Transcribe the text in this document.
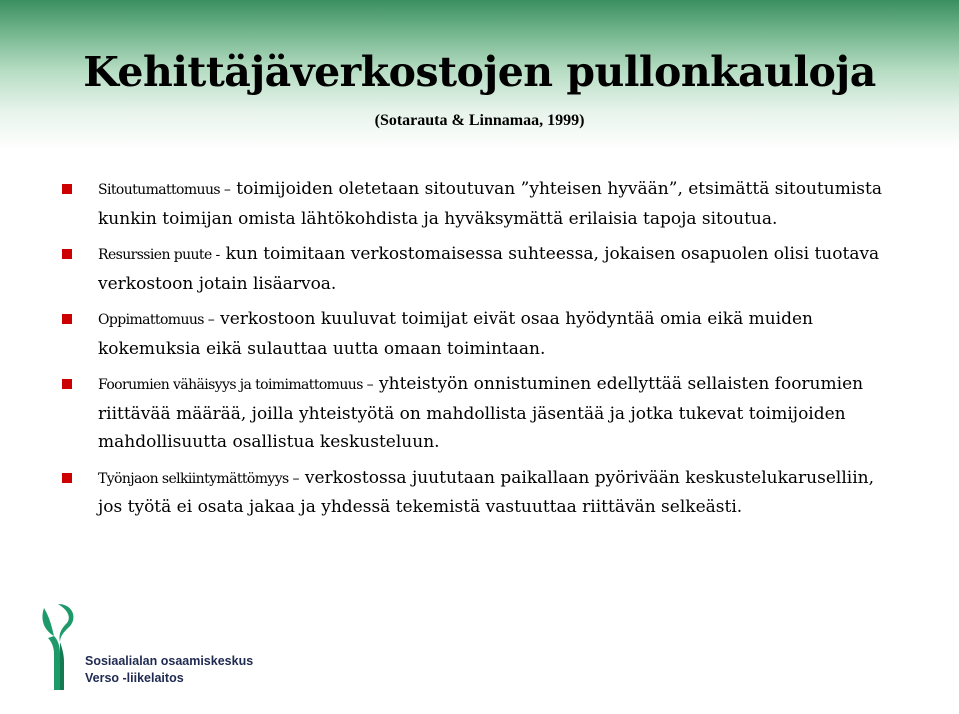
Kehittäjäverkostojen pullonkauloja

(Sotarauta & Linnamaa, 1999)

Sitoutumattomuus – toimijoiden oletetaan sitoutuvan ”yhteisen hyvään”, etsimättä sitoutumista kunkin toimijan omista lähtökohdista ja hyväksymättä erilaisia tapoja sitoutua.
Resurssien puute - kun toimitaan verkostomaisessa suhteessa, jokaisen osapuolen olisi tuotava verkostoon jotain lisäarvoa.
Oppimattomuus – verkostoon kuuluvat toimijat eivät osaa hyödyntää omia eikä muiden kokemuksia eikä sulauttaa uutta omaan toimintaan.
Foorumien vähäisyys ja toimimattomuus – yhteistyön onnistuminen edellyttää sellaisten foorumien riittävää määrää, joilla yhteistyötä on mahdollista jäsentää ja jotka tukevat toimijoiden mahdollisuutta osallistua keskusteluun.
Työnjaon selkiintymättömyys – verkostossa juututaan paikallaan pyörivään keskustelukaruselliin, jos työtä ei osata jakaa ja yhdessä tekemistä vastuuttaa riittävän selkeästi.
Sosiaalialan osaamiskeskus
Verso -liikelaitos
